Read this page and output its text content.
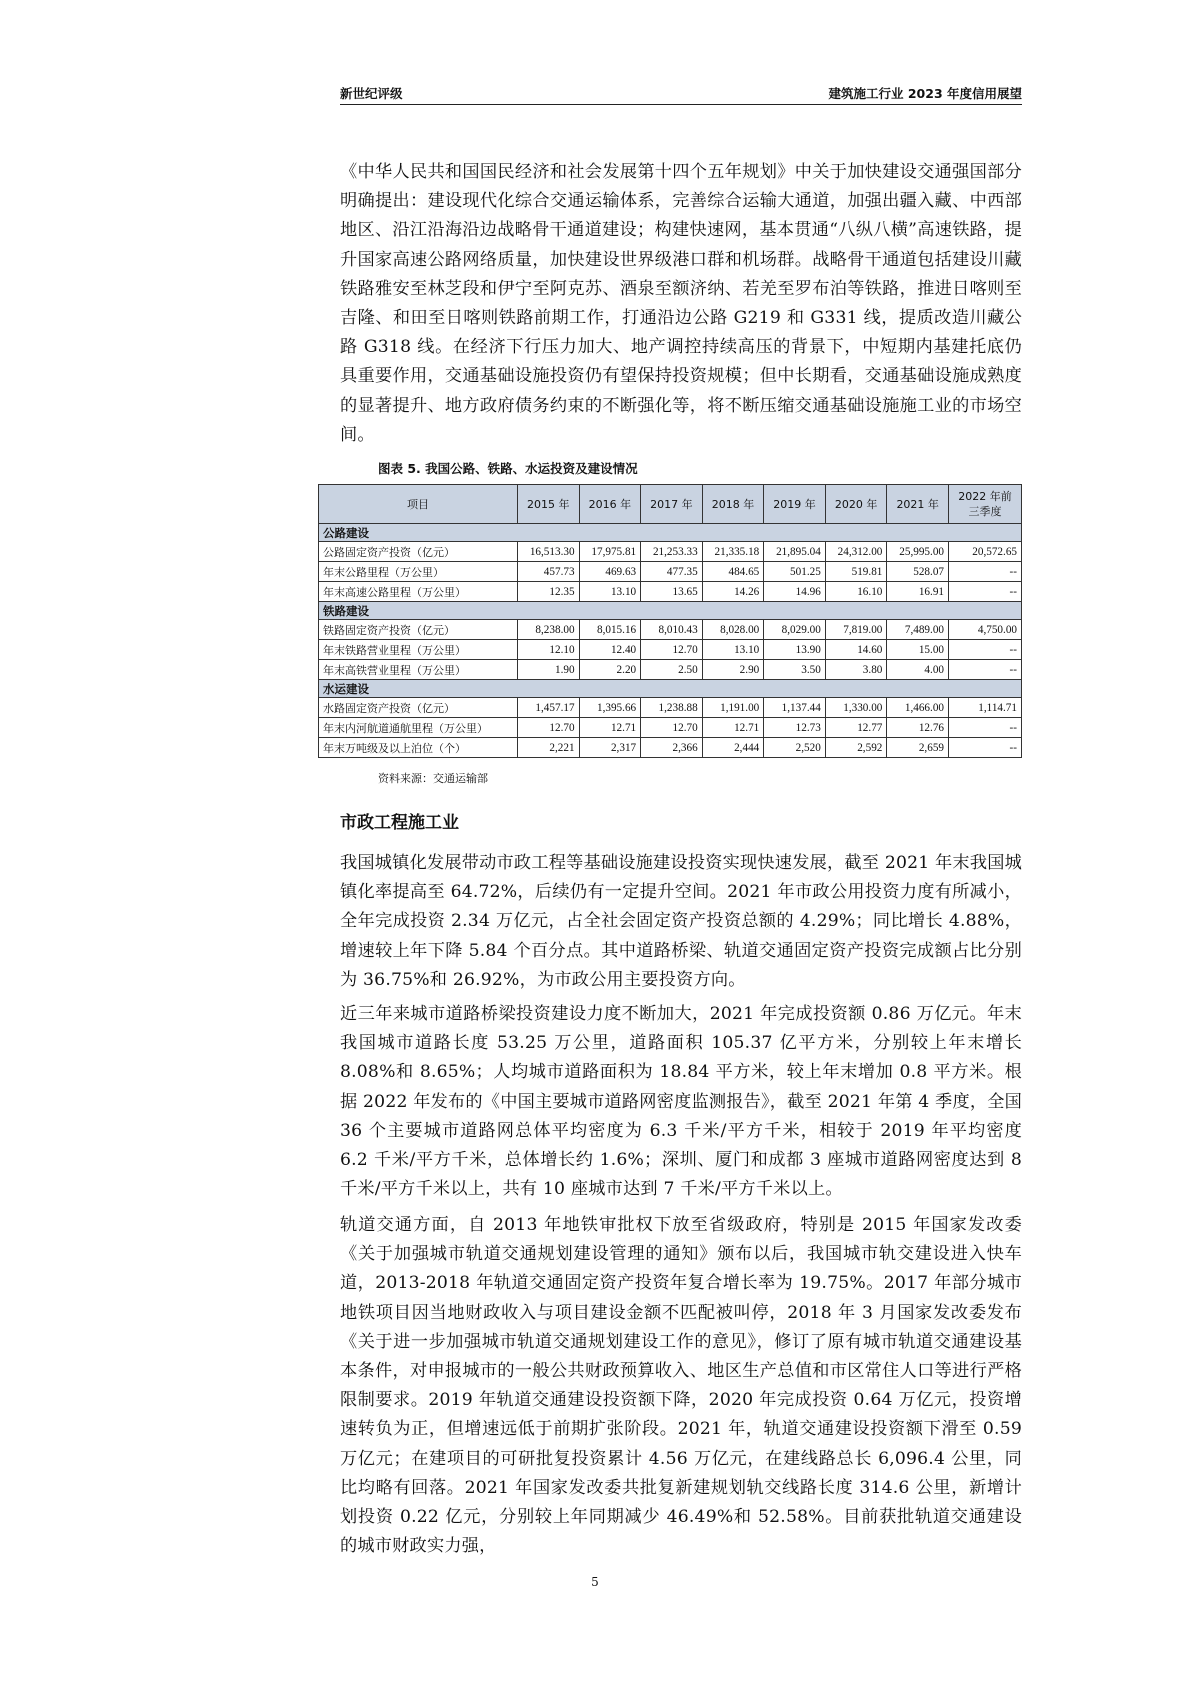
新世纪评级	建筑施工行业 2023 年度信用展望

《中华人民共和国国民经济和社会发展第十四个五年规划》中关于加快建设交通强国部分明确提出：建设现代化综合交通运输体系，完善综合运输大通道，加强出疆入藏、中西部地区、沿江沿海沿边战略骨干通道建设；构建快速网，基本贯通“八纵八横”高速铁路，提升国家高速公路网络质量，加快建设世界级港口群和机场群。战略骨干通道包括建设川藏铁路雅安至林芝段和伊宁至阿克苏、酒泉至额济纳、若羌至罗布泊等铁路，推进日喀则至吉隆、和田至日喀则铁路前期工作，打通沿边公路 G219 和 G331 线，提质改造川藏公路 G318 线。在经济下行压力加大、地产调控持续高压的背景下，中短期内基建托底仍具重要作用，交通基础设施投资仍有望保持投资规模；但中长期看，交通基础设施成熟度的显著提升、地方政府债务约束的不断强化等，将不断压缩交通基础设施施工业的市场空间。

图表 5. 我国公路、铁路、水运投资及建设情况
项目	2015 年	2016 年	2017 年	2018 年	2019 年	2020 年	2021 年	2022 年前三季度
公路建设								
公路固定资产投资（亿元）	16,513.30	17,975.81	21,253.33	21,335.18	21,895.04	24,312.00	25,995.00	20,572.65
年末公路里程（万公里）	457.73	469.63	477.35	484.65	501.25	519.81	528.07	--
年末高速公路里程（万公里）	12.35	13.10	13.65	14.26	14.96	16.10	16.91	--
铁路建设								
铁路固定资产投资（亿元）	8,238.00	8,015.16	8,010.43	8,028.00	8,029.00	7,819.00	7,489.00	4,750.00
年末铁路营业里程（万公里）	12.10	12.40	12.70	13.10	13.90	14.60	15.00	--
年末高铁营业里程（万公里）	1.90	2.20	2.50	2.90	3.50	3.80	4.00	--
水运建设								
水路固定资产投资（亿元）	1,457.17	1,395.66	1,238.88	1,191.00	1,137.44	1,330.00	1,466.00	1,114.71
年末内河航道通航里程（万公里）	12.70	12.71	12.70	12.71	12.73	12.77	12.76	--
年末万吨级及以上泊位（个）	2,221	2,317	2,366	2,444	2,520	2,592	2,659	--
资料来源：交通运输部
市政工程施工业

我国城镇化发展带动市政工程等基础设施建设投资实现快速发展，截至 2021 年末我国城镇化率提高至 64.72%，后续仍有一定提升空间。2021 年市政公用投资力度有所减小，全年完成投资 2.34 万亿元，占全社会固定资产投资总额的 4.29%；同比增长 4.88%，增速较上年下降 5.84 个百分点。其中道路桥梁、轨道交通固定资产投资完成额占比分别为 36.75%和 26.92%，为市政公用主要投资方向。

近三年来城市道路桥梁投资建设力度不断加大，2021 年完成投资额 0.86 万亿元。年末我国城市道路长度 53.25 万公里，道路面积 105.37 亿平方米，分别较上年末增长 8.08%和 8.65%；人均城市道路面积为 18.84 平方米，较上年末增加 0.8 平方米。根据 2022 年发布的《中国主要城市道路网密度监测报告》，截至 2021 年第 4 季度，全国 36 个主要城市道路网总体平均密度为 6.3 千米/平方千米，相较于 2019 年平均密度 6.2 千米/平方千米，总体增长约 1.6%；深圳、厦门和成都 3 座城市道路网密度达到 8 千米/平方千米以上，共有 10 座城市达到 7 千米/平方千米以上。

轨道交通方面，自 2013 年地铁审批权下放至省级政府，特别是 2015 年国家发改委《关于加强城市轨道交通规划建设管理的通知》颁布以后，我国城市轨交建设进入快车道，2013-2018 年轨道交通固定资产投资年复合增长率为 19.75%。2017 年部分城市地铁项目因当地财政收入与项目建设金额不匹配被叫停，2018 年 3 月国家发改委发布《关于进一步加强城市轨道交通规划建设工作的意见》，修订了原有城市轨道交通建设基本条件，对申报城市的一般公共财政预算收入、地区生产总值和市区常住人口等进行严格限制要求。2019 年轨道交通建设投资额下降，2020 年完成投资 0.64 万亿元，投资增速转负为正，但增速远低于前期扩张阶段。2021 年，轨道交通建设投资额下滑至 0.59 万亿元；在建项目的可研批复投资累计 4.56 万亿元，在建线路总长 6,096.4 公里，同比均略有回落。2021 年国家发改委共批复新建规划轨交线路长度 314.6 公里，新增计划投资 0.22 亿元，分别较上年同期减少 46.49%和 52.58%。目前获批轨道交通建设的城市财政实力强，

5
